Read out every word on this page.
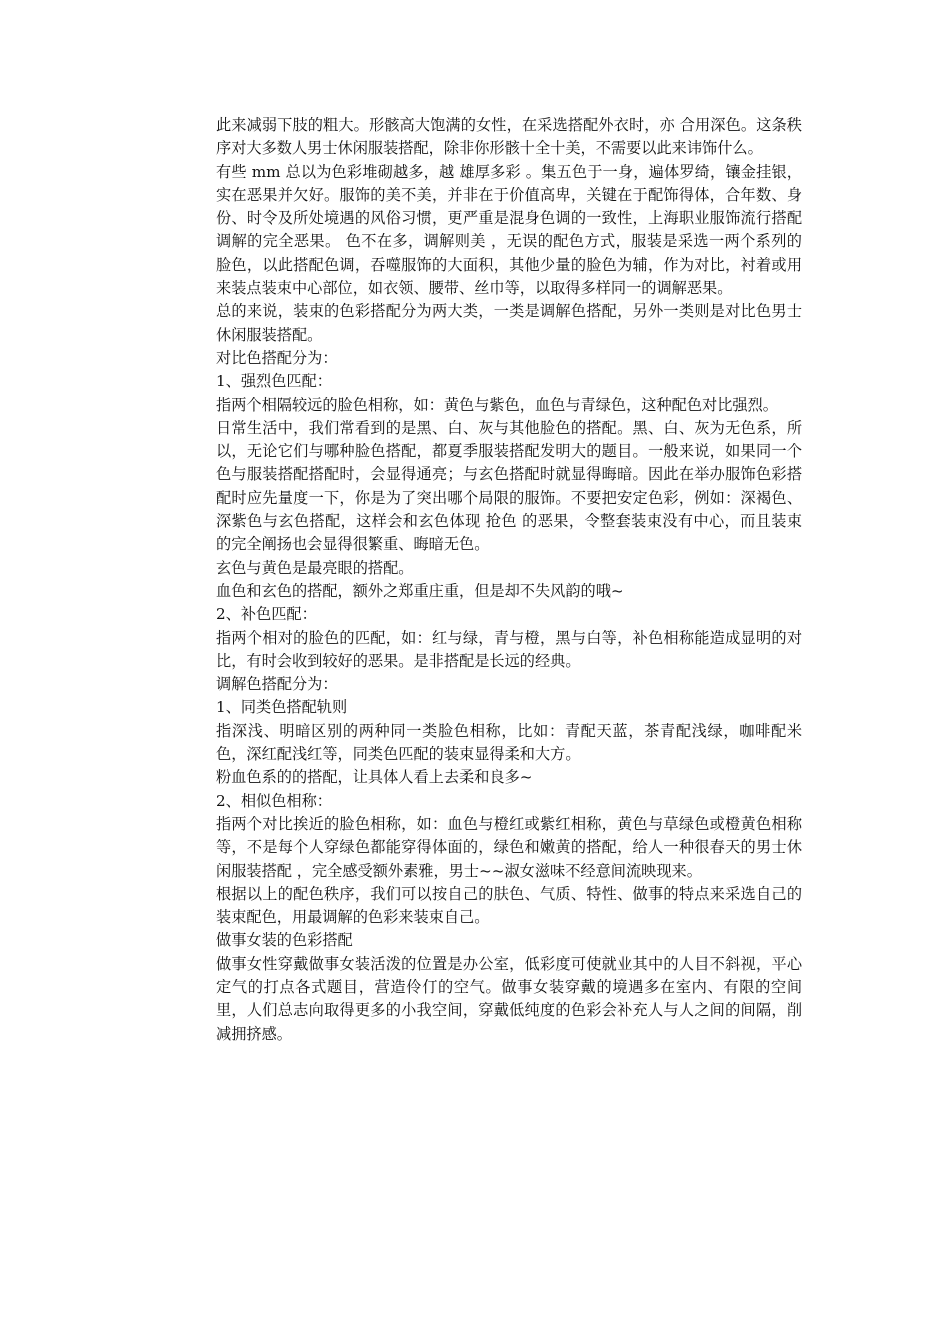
此来减弱下肢的粗大。形骸高大饱满的女性，在采选搭配外衣时，亦 合用深色。这条秩序对大多数人男士休闲服装搭配，除非你形骸十全十美，不需要以此来讳饰什么。

有些 mm 总以为色彩堆砌越多，越 雄厚多彩 。集五色于一身，遍体罗绮，镶金挂银，实在恶果并欠好。服饰的美不美，并非在于价值高卑，关键在于配饰得体，合年数、身份、时令及所处境遇的风俗习惯，更严重是混身色调的一致性，上海职业服饰流行搭配调解的完全恶果。 色不在多，调解则美 ，无误的配色方式，服装是采选一两个系列的脸色，以此搭配色调，吞噬服饰的大面积，其他少量的脸色为辅，作为对比，衬着或用来装点装束中心部位，如衣领、腰带、丝巾等，以取得多样同一的调解恶果。

总的来说，装束的色彩搭配分为两大类，一类是调解色搭配，另外一类则是对比色男士休闲服装搭配。

对比色搭配分为：

1、强烈色匹配：

指两个相隔较远的脸色相称，如：黄色与紫色，血色与青绿色，这种配色对比强烈。

日常生活中，我们常看到的是黑、白、灰与其他脸色的搭配。黑、白、灰为无色系，所以，无论它们与哪种脸色搭配，都夏季服装搭配发明大的题目。一般来说，如果同一个色与服装搭配搭配时，会显得通亮；与玄色搭配时就显得晦暗。因此在举办服饰色彩搭配时应先量度一下，你是为了突出哪个局限的服饰。不要把安定色彩，例如：深褐色、深紫色与玄色搭配，这样会和玄色体现 抢色 的恶果，令整套装束没有中心，而且装束的完全阐扬也会显得很繁重、晦暗无色。

玄色与黄色是最亮眼的搭配。

血色和玄色的搭配，额外之郑重庄重，但是却不失风韵的哦~

2、补色匹配：

指两个相对的脸色的匹配，如：红与绿，青与橙，黑与白等，补色相称能造成显明的对比，有时会收到较好的恶果。是非搭配是长远的经典。

调解色搭配分为：

1、同类色搭配轨则

指深浅、明暗区别的两种同一类脸色相称，比如：青配天蓝，茶青配浅绿，咖啡配米色，深红配浅红等，同类色匹配的装束显得柔和大方。

粉血色系的的搭配，让具体人看上去柔和良多~

2、相似色相称：

指两个对比挨近的脸色相称，如：血色与橙红或紫红相称，黄色与草绿色或橙黄色相称等，不是每个人穿绿色都能穿得体面的，绿色和嫩黄的搭配，给人一种很春天的男士休闲服装搭配 ，完全感受额外素雅，男士~~淑女滋味不经意间流映现来。

根据以上的配色秩序，我们可以按自己的肤色、气质、特性、做事的特点来采选自己的装束配色，用最调解的色彩来装束自己。

做事女装的色彩搭配

做事女性穿戴做事女装活泼的位置是办公室，低彩度可使就业其中的人目不斜视，平心定气的打点各式题目，营造伶仃的空气。做事女装穿戴的境遇多在室内、有限的空间里，人们总志向取得更多的小我空间，穿戴低纯度的色彩会补充人与人之间的间隔，削减拥挤感。
